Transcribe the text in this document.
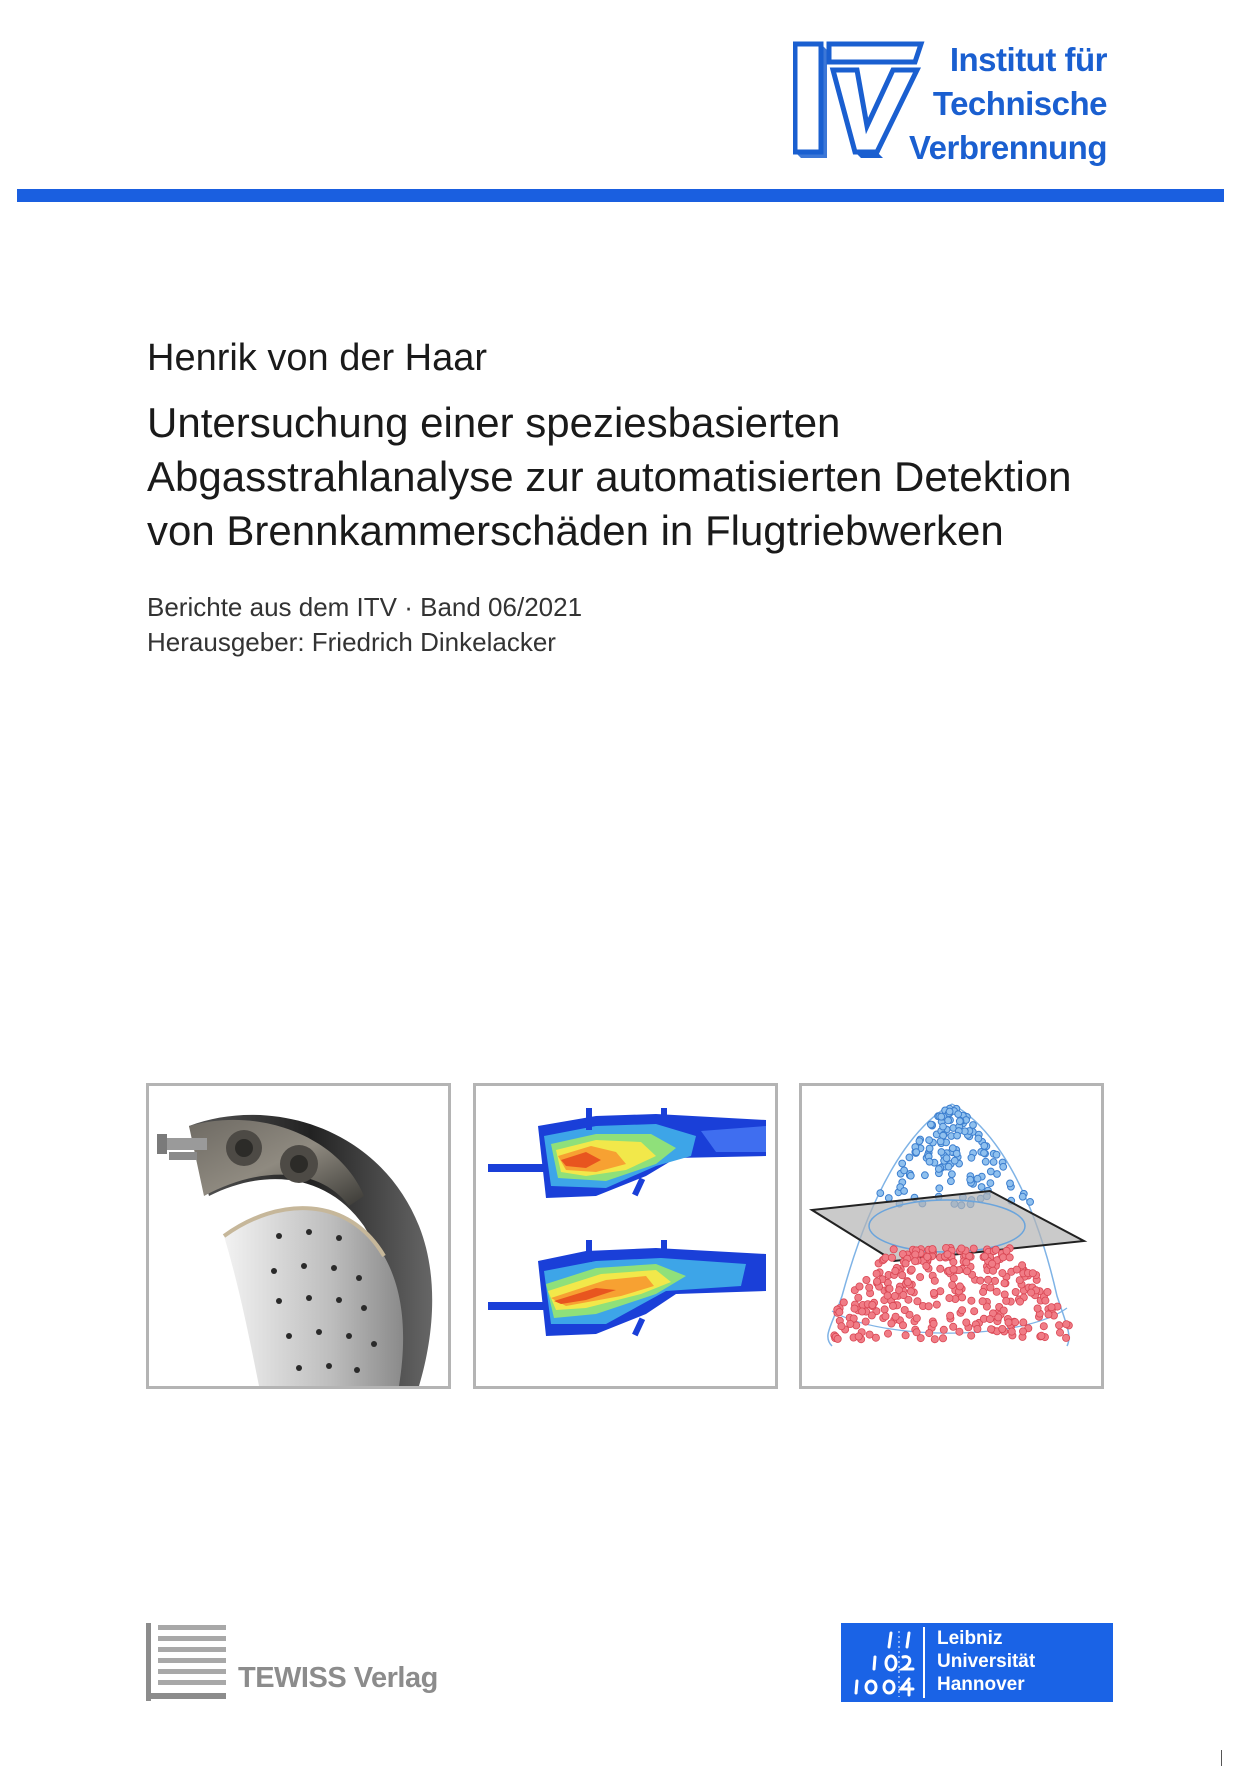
Institut für
Technische
Verbrennung
Henrik von der Haar
Untersuchung einer speziesbasierten
Abgasstrahlanalyse zur automatisierten Detektion
von Brennkammerschäden in Flugtriebwerken
Berichte aus dem ITV · Band 06/2021
Herausgeber: Friedrich Dinkelacker
TEWISS Verlag
Leibniz
Universität
Hannover
